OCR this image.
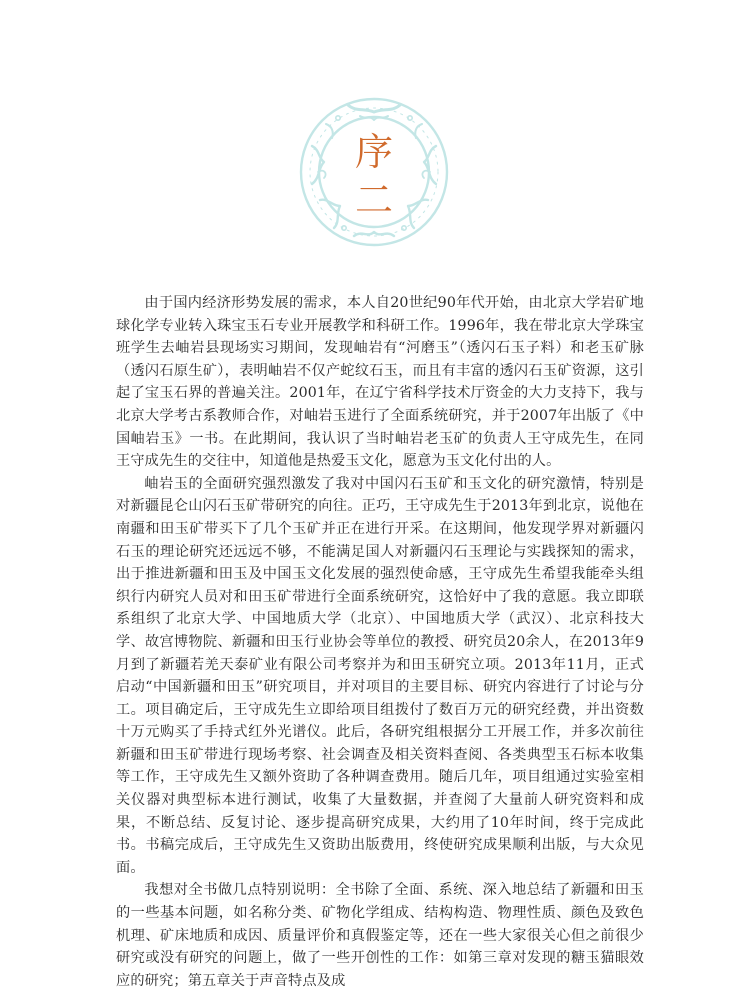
序
二

由于国内经济形势发展的需求，本人自20世纪90年代开始，由北京大学岩矿地球化学专业转入珠宝玉石专业开展教学和科研工作。1996年，我在带北京大学珠宝班学生去岫岩县现场实习期间，发现岫岩有“河磨玉”（透闪石玉子料）和老玉矿脉（透闪石原生矿），表明岫岩不仅产蛇纹石玉，而且有丰富的透闪石玉矿资源，这引起了宝玉石界的普遍关注。2001年，在辽宁省科学技术厅资金的大力支持下，我与北京大学考古系教师合作，对岫岩玉进行了全面系统研究，并于2007年出版了《中国岫岩玉》一书。在此期间，我认识了当时岫岩老玉矿的负责人王守成先生，在同王守成先生的交往中，知道他是热爱玉文化，愿意为玉文化付出的人。

岫岩玉的全面研究强烈激发了我对中国闪石玉矿和玉文化的研究激情，特别是对新疆昆仑山闪石玉矿带研究的向往。正巧，王守成先生于2013年到北京，说他在南疆和田玉矿带买下了几个玉矿并正在进行开采。在这期间，他发现学界对新疆闪石玉的理论研究还远远不够，不能满足国人对新疆闪石玉理论与实践探知的需求，出于推进新疆和田玉及中国玉文化发展的强烈使命感，王守成先生希望我能牵头组织行内研究人员对和田玉矿带进行全面系统研究，这恰好中了我的意愿。我立即联系组织了北京大学、中国地质大学（北京）、中国地质大学（武汉）、北京科技大学、故宫博物院、新疆和田玉行业协会等单位的教授、研究员20余人，在2013年9月到了新疆若羌天泰矿业有限公司考察并为和田玉研究立项。2013年11月，正式启动“中国新疆和田玉”研究项目，并对项目的主要目标、研究内容进行了讨论与分工。项目确定后，王守成先生立即给项目组拨付了数百万元的研究经费，并出资数十万元购买了手持式红外光谱仪。此后，各研究组根据分工开展工作，并多次前往新疆和田玉矿带进行现场考察、社会调查及相关资料查阅、各类典型玉石标本收集等工作，王守成先生又额外资助了各种调查费用。随后几年，项目组通过实验室相关仪器对典型标本进行测试，收集了大量数据，并查阅了大量前人研究资料和成果，不断总结、反复讨论、逐步提高研究成果，大约用了10年时间，终于完成此书。书稿完成后，王守成先生又资助出版费用，终使研究成果顺利出版，与大众见面。

我想对全书做几点特别说明：全书除了全面、系统、深入地总结了新疆和田玉的一些基本问题，如名称分类、矿物化学组成、结构构造、物理性质、颜色及致色机理、矿床地质和成因、质量评价和真假鉴定等，还在一些大家很关心但之前很少研究或没有研究的问题上，做了一些开创性的工作：如第三章对发现的糖玉猫眼效应的研究；第五章关于声音特点及成
